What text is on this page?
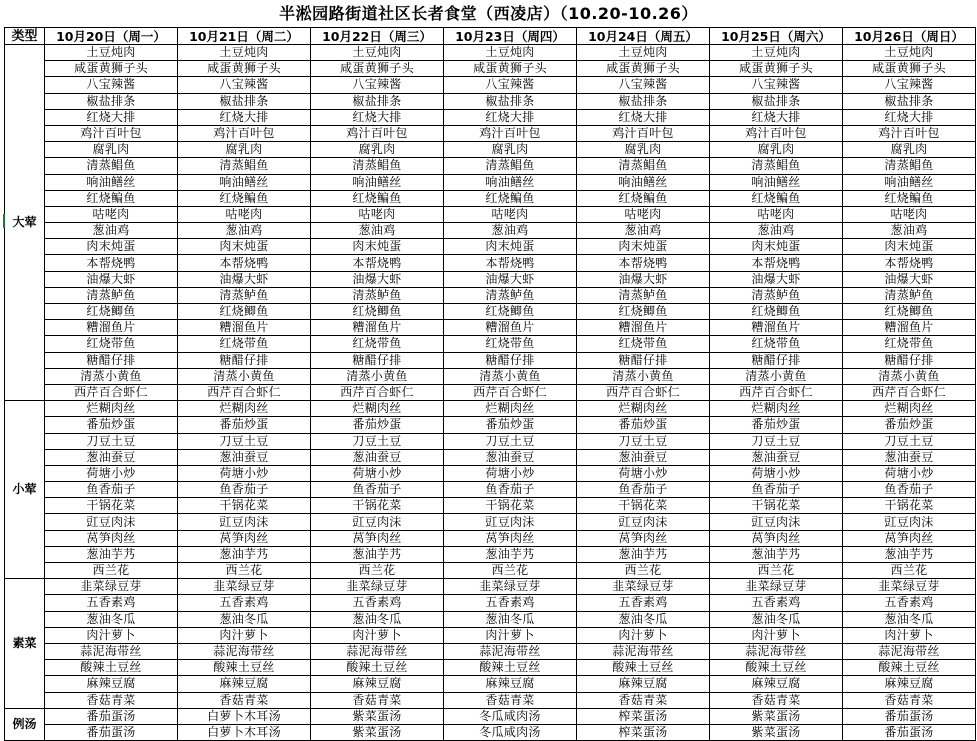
半淞园路街道社区长者食堂（西凌店）（10.20-10.26）
类型	10月20日（周一）	10月21日（周二）	10月22日（周三）	10月23日（周四）	10月24日（周五）	10月25日（周六）	10月26日（周日）
大荤	土豆炖肉	土豆炖肉	土豆炖肉	土豆炖肉	土豆炖肉	土豆炖肉	土豆炖肉
	咸蛋黄狮子头	咸蛋黄狮子头	咸蛋黄狮子头	咸蛋黄狮子头	咸蛋黄狮子头	咸蛋黄狮子头	咸蛋黄狮子头
	八宝辣酱	八宝辣酱	八宝辣酱	八宝辣酱	八宝辣酱	八宝辣酱	八宝辣酱
	椒盐排条	椒盐排条	椒盐排条	椒盐排条	椒盐排条	椒盐排条	椒盐排条
	红烧大排	红烧大排	红烧大排	红烧大排	红烧大排	红烧大排	红烧大排
	鸡汁百叶包	鸡汁百叶包	鸡汁百叶包	鸡汁百叶包	鸡汁百叶包	鸡汁百叶包	鸡汁百叶包
	腐乳肉	腐乳肉	腐乳肉	腐乳肉	腐乳肉	腐乳肉	腐乳肉
	清蒸鲳鱼	清蒸鲳鱼	清蒸鲳鱼	清蒸鲳鱼	清蒸鲳鱼	清蒸鲳鱼	清蒸鲳鱼
	响油鳝丝	响油鳝丝	响油鳝丝	响油鳝丝	响油鳝丝	响油鳝丝	响油鳝丝
	红烧鳊鱼	红烧鳊鱼	红烧鳊鱼	红烧鳊鱼	红烧鳊鱼	红烧鳊鱼	红烧鳊鱼
	咕咾肉	咕咾肉	咕咾肉	咕咾肉	咕咾肉	咕咾肉	咕咾肉
	葱油鸡	葱油鸡	葱油鸡	葱油鸡	葱油鸡	葱油鸡	葱油鸡
	肉末炖蛋	肉末炖蛋	肉末炖蛋	肉末炖蛋	肉末炖蛋	肉末炖蛋	肉末炖蛋
	本帮烧鸭	本帮烧鸭	本帮烧鸭	本帮烧鸭	本帮烧鸭	本帮烧鸭	本帮烧鸭
	油爆大虾	油爆大虾	油爆大虾	油爆大虾	油爆大虾	油爆大虾	油爆大虾
	清蒸鲈鱼	清蒸鲈鱼	清蒸鲈鱼	清蒸鲈鱼	清蒸鲈鱼	清蒸鲈鱼	清蒸鲈鱼
	红烧鲫鱼	红烧鲫鱼	红烧鲫鱼	红烧鲫鱼	红烧鲫鱼	红烧鲫鱼	红烧鲫鱼
	糟溜鱼片	糟溜鱼片	糟溜鱼片	糟溜鱼片	糟溜鱼片	糟溜鱼片	糟溜鱼片
	红烧带鱼	红烧带鱼	红烧带鱼	红烧带鱼	红烧带鱼	红烧带鱼	红烧带鱼
	糖醋仔排	糖醋仔排	糖醋仔排	糖醋仔排	糖醋仔排	糖醋仔排	糖醋仔排
	清蒸小黄鱼	清蒸小黄鱼	清蒸小黄鱼	清蒸小黄鱼	清蒸小黄鱼	清蒸小黄鱼	清蒸小黄鱼
	西芹百合虾仁	西芹百合虾仁	西芹百合虾仁	西芹百合虾仁	西芹百合虾仁	西芹百合虾仁	西芹百合虾仁
小荤	烂糊肉丝	烂糊肉丝	烂糊肉丝	烂糊肉丝	烂糊肉丝	烂糊肉丝	烂糊肉丝
	番茄炒蛋	番茄炒蛋	番茄炒蛋	番茄炒蛋	番茄炒蛋	番茄炒蛋	番茄炒蛋
	刀豆土豆	刀豆土豆	刀豆土豆	刀豆土豆	刀豆土豆	刀豆土豆	刀豆土豆
	葱油蚕豆	葱油蚕豆	葱油蚕豆	葱油蚕豆	葱油蚕豆	葱油蚕豆	葱油蚕豆
	荷塘小炒	荷塘小炒	荷塘小炒	荷塘小炒	荷塘小炒	荷塘小炒	荷塘小炒
	鱼香茄子	鱼香茄子	鱼香茄子	鱼香茄子	鱼香茄子	鱼香茄子	鱼香茄子
	干锅花菜	干锅花菜	干锅花菜	干锅花菜	干锅花菜	干锅花菜	干锅花菜
	豇豆肉沫	豇豆肉沫	豇豆肉沫	豇豆肉沫	豇豆肉沫	豇豆肉沫	豇豆肉沫
	莴笋肉丝	莴笋肉丝	莴笋肉丝	莴笋肉丝	莴笋肉丝	莴笋肉丝	莴笋肉丝
	葱油芋艿	葱油芋艿	葱油芋艿	葱油芋艿	葱油芋艿	葱油芋艿	葱油芋艿
	西兰花	西兰花	西兰花	西兰花	西兰花	西兰花	西兰花
素菜	韭菜绿豆芽	韭菜绿豆芽	韭菜绿豆芽	韭菜绿豆芽	韭菜绿豆芽	韭菜绿豆芽	韭菜绿豆芽
	五香素鸡	五香素鸡	五香素鸡	五香素鸡	五香素鸡	五香素鸡	五香素鸡
	葱油冬瓜	葱油冬瓜	葱油冬瓜	葱油冬瓜	葱油冬瓜	葱油冬瓜	葱油冬瓜
	肉汁萝卜	肉汁萝卜	肉汁萝卜	肉汁萝卜	肉汁萝卜	肉汁萝卜	肉汁萝卜
	蒜泥海带丝	蒜泥海带丝	蒜泥海带丝	蒜泥海带丝	蒜泥海带丝	蒜泥海带丝	蒜泥海带丝
	酸辣土豆丝	酸辣土豆丝	酸辣土豆丝	酸辣土豆丝	酸辣土豆丝	酸辣土豆丝	酸辣土豆丝
	麻辣豆腐	麻辣豆腐	麻辣豆腐	麻辣豆腐	麻辣豆腐	麻辣豆腐	麻辣豆腐
	香菇青菜	香菇青菜	香菇青菜	香菇青菜	香菇青菜	香菇青菜	香菇青菜
例汤	番茄蛋汤	白萝卜木耳汤	紫菜蛋汤	冬瓜咸肉汤	榨菜蛋汤	紫菜蛋汤	番茄蛋汤
	番茄蛋汤	白萝卜木耳汤	紫菜蛋汤	冬瓜咸肉汤	榨菜蛋汤	紫菜蛋汤	番茄蛋汤
